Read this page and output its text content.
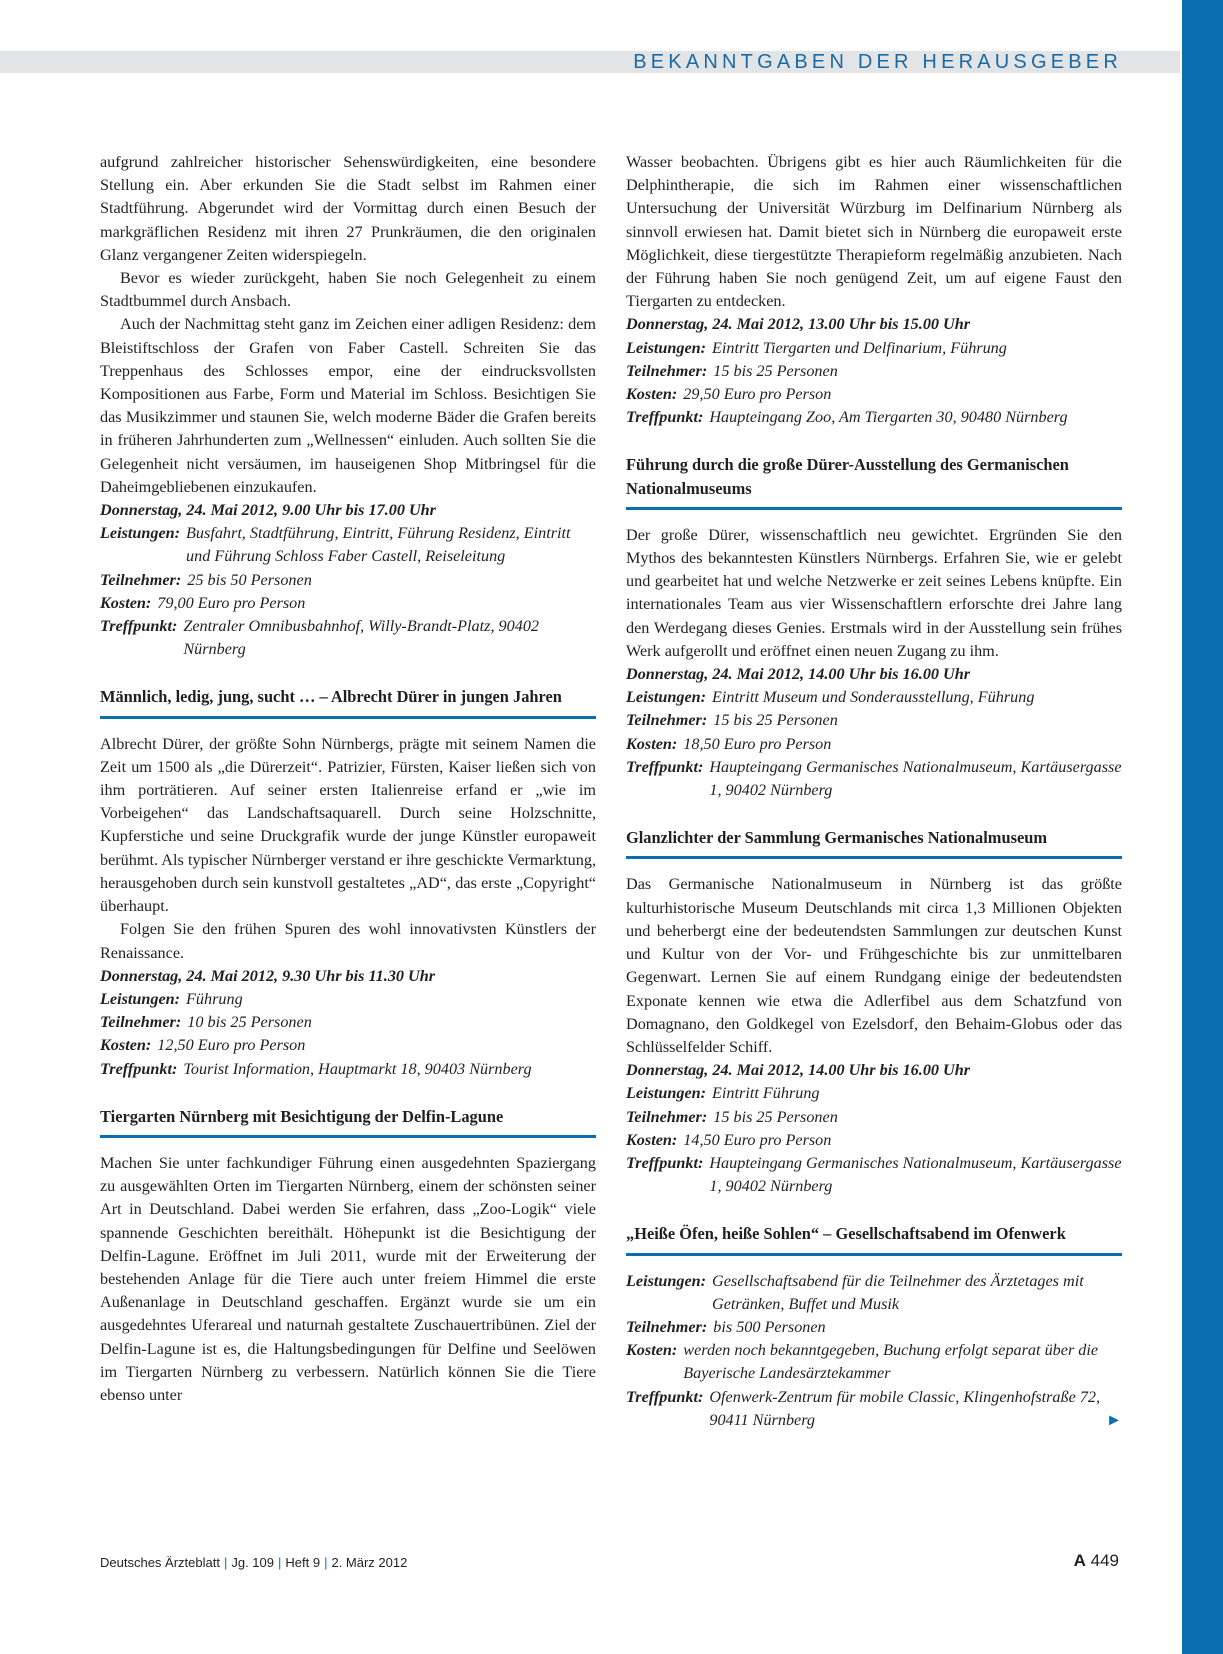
BEKANNTGABEN DER HERAUSGEBER

aufgrund zahlreicher historischer Sehenswürdigkeiten, eine besondere Stellung ein. Aber erkunden Sie die Stadt selbst im Rahmen einer Stadtführung. Abgerundet wird der Vormittag durch einen Besuch der markgräflichen Residenz mit ihren 27 Prunkräumen, die den originalen Glanz vergangener Zeiten widerspiegeln.

Bevor es wieder zurückgeht, haben Sie noch Gelegenheit zu einem Stadtbummel durch Ansbach.

Auch der Nachmittag steht ganz im Zeichen einer adligen Residenz: dem Bleistiftschloss der Grafen von Faber Castell. Schreiten Sie das Treppenhaus des Schlosses empor, eine der eindrucksvollsten Kompositionen aus Farbe, Form und Material im Schloss. Besichtigen Sie das Musikzimmer und staunen Sie, welch moderne Bäder die Grafen bereits in früheren Jahrhunderten zum „Wellnessen“ einluden. Auch sollten Sie die Gelegenheit nicht versäumen, im hauseigenen Shop Mitbringsel für die Daheimgebliebenen einzukaufen.

Donnerstag, 24. Mai 2012, 9.00 Uhr bis 17.00 Uhr
Leistungen: Busfahrt, Stadtführung, Eintritt, Führung Residenz, Eintritt und Führung Schloss Faber Castell, Reiseleitung
Teilnehmer: 25 bis 50 Personen
Kosten: 79,00 Euro pro Person
Treffpunkt: Zentraler Omnibusbahnhof, Willy-Brandt-Platz, 90402 Nürnberg
Männlich, ledig, jung, sucht … – Albrecht Dürer in jungen Jahren

Albrecht Dürer, der größte Sohn Nürnbergs, prägte mit seinem Namen die Zeit um 1500 als „die Dürerzeit“. Patrizier, Fürsten, Kaiser ließen sich von ihm porträtieren. Auf seiner ersten Italienreise erfand er „wie im Vorbeigehen“ das Landschaftsaquarell. Durch seine Holzschnitte, Kupferstiche und seine Druckgrafik wurde der junge Künstler europaweit berühmt. Als typischer Nürnberger verstand er ihre geschickte Vermarktung, herausgehoben durch sein kunstvoll gestaltetes „AD“, das erste „Copyright“ überhaupt.

Folgen Sie den frühen Spuren des wohl innovativsten Künstlers der Renaissance.

Donnerstag, 24. Mai 2012, 9.30 Uhr bis 11.30 Uhr
Leistungen: Führung
Teilnehmer: 10 bis 25 Personen
Kosten: 12,50 Euro pro Person
Treffpunkt: Tourist Information, Hauptmarkt 18, 90403 Nürnberg
Tiergarten Nürnberg mit Besichtigung der Delfin-Lagune

Machen Sie unter fachkundiger Führung einen ausgedehnten Spaziergang zu ausgewählten Orten im Tiergarten Nürnberg, einem der schönsten seiner Art in Deutschland. Dabei werden Sie erfahren, dass „Zoo-Logik“ viele spannende Geschichten bereithält. Höhepunkt ist die Besichtigung der Delfin-Lagune. Eröffnet im Juli 2011, wurde mit der Erweiterung der bestehenden Anlage für die Tiere auch unter freiem Himmel die erste Außenanlage in Deutschland geschaffen. Ergänzt wurde sie um ein ausgedehntes Uferareal und naturnah gestaltete Zuschauertribünen. Ziel der Delfin-Lagune ist es, die Haltungsbedingungen für Delfine und Seelöwen im Tiergarten Nürnberg zu verbessern. Natürlich können Sie die Tiere ebenso unter

Wasser beobachten. Übrigens gibt es hier auch Räumlichkeiten für die Delphintherapie, die sich im Rahmen einer wissenschaftlichen Untersuchung der Universität Würzburg im Delfinarium Nürnberg als sinnvoll erwiesen hat. Damit bietet sich in Nürnberg die europaweit erste Möglichkeit, diese tiergestützte Therapieform regelmäßig anzubieten. Nach der Führung haben Sie noch genügend Zeit, um auf eigene Faust den Tiergarten zu entdecken.

Donnerstag, 24. Mai 2012, 13.00 Uhr bis 15.00 Uhr
Leistungen: Eintritt Tiergarten und Delfinarium, Führung
Teilnehmer: 15 bis 25 Personen
Kosten: 29,50 Euro pro Person
Treffpunkt: Haupteingang Zoo, Am Tiergarten 30, 90480 Nürnberg
Führung durch die große Dürer-Ausstellung des Germanischen Nationalmuseums

Der große Dürer, wissenschaftlich neu gewichtet. Ergründen Sie den Mythos des bekanntesten Künstlers Nürnbergs. Erfahren Sie, wie er gelebt und gearbeitet hat und welche Netzwerke er zeit seines Lebens knüpfte. Ein internationales Team aus vier Wissenschaftlern erforschte drei Jahre lang den Werdegang dieses Genies. Erstmals wird in der Ausstellung sein frühes Werk aufgerollt und eröffnet einen neuen Zugang zu ihm.

Donnerstag, 24. Mai 2012, 14.00 Uhr bis 16.00 Uhr
Leistungen: Eintritt Museum und Sonderausstellung, Führung
Teilnehmer: 15 bis 25 Personen
Kosten: 18,50 Euro pro Person
Treffpunkt: Haupteingang Germanisches Nationalmuseum, Kartäusergasse 1, 90402 Nürnberg
Glanzlichter der Sammlung Germanisches Nationalmuseum

Das Germanische Nationalmuseum in Nürnberg ist das größte kulturhistorische Museum Deutschlands mit circa 1,3 Millionen Objekten und beherbergt eine der bedeutendsten Sammlungen zur deutschen Kunst und Kultur von der Vor- und Frühgeschichte bis zur unmittelbaren Gegenwart. Lernen Sie auf einem Rundgang einige der bedeutendsten Exponate kennen wie etwa die Adlerfibel aus dem Schatzfund von Domagnano, den Goldkegel von Ezelsdorf, den Behaim-Globus oder das Schlüsselfelder Schiff.

Donnerstag, 24. Mai 2012, 14.00 Uhr bis 16.00 Uhr
Leistungen: Eintritt Führung
Teilnehmer: 15 bis 25 Personen
Kosten: 14,50 Euro pro Person
Treffpunkt: Haupteingang Germanisches Nationalmuseum, Kartäusergasse 1, 90402 Nürnberg
„Heiße Öfen, heiße Sohlen“ – Gesellschaftsabend im Ofenwerk
Leistungen: Gesellschaftsabend für die Teilnehmer des Ärztetages mit Getränken, Buffet und Musik
Teilnehmer: bis 500 Personen
Kosten: werden noch bekanntgegeben, Buchung erfolgt separat über die Bayerische Landesärztekammer
Treffpunkt: Ofenwerk-Zentrum für mobile Classic, Klingenhofstraße 72, 90411 Nürnberg	►
Deutsches Ärzteblatt | Jg. 109 | Heft 9 | 2. März 2012	A 449
